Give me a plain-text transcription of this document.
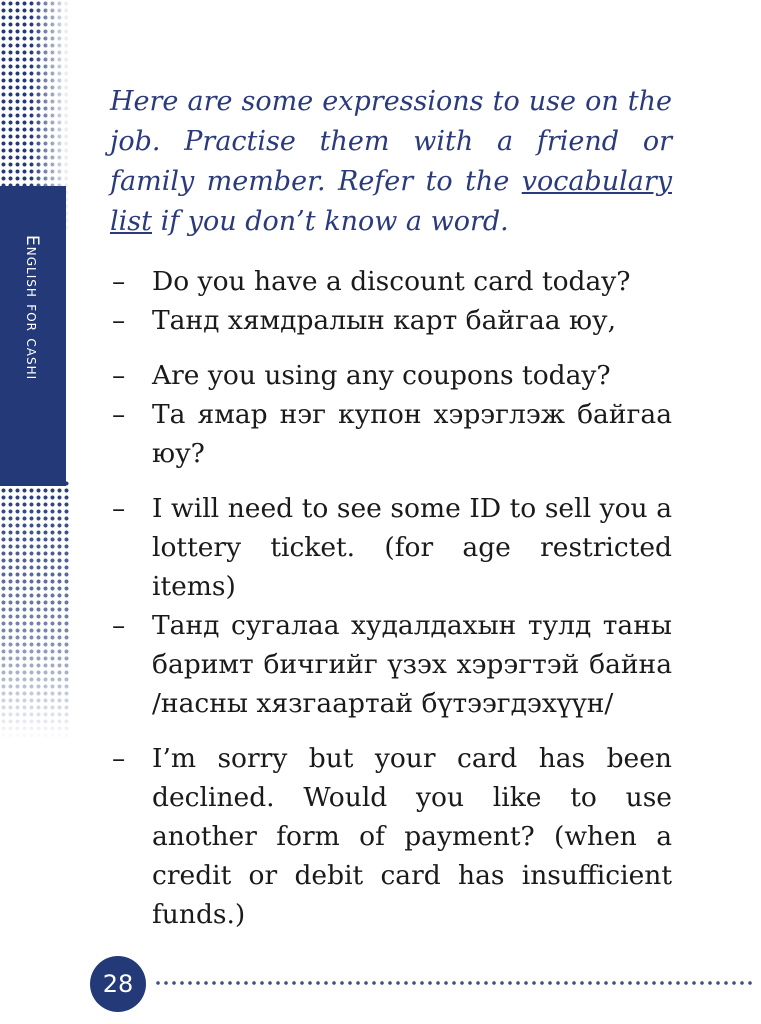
English for cashi

Here are some expressions to use on the job. Practise them with a friend or family member. Refer to the vocabulary list if you don’t know a word.

–	Do you have a discount card today?
–	Танд хямдралын карт байгаа юу,
–	Are you using any coupons today?
–	Та ямар нэг купон хэрэглэж байгаа юу?
–	I will need to see some ID to sell you a lottery ticket. (for age restricted items)
–	Танд сугалаа худалдахын тулд таны баримт бичгийг үзэх хэрэгтэй байна /насны хязгаартай бүтээгдэхүүн/
–	I’m sorry but your card has been declined. Would you like to use another form of payment? (when a credit or debit card has insufficient funds.)
28
